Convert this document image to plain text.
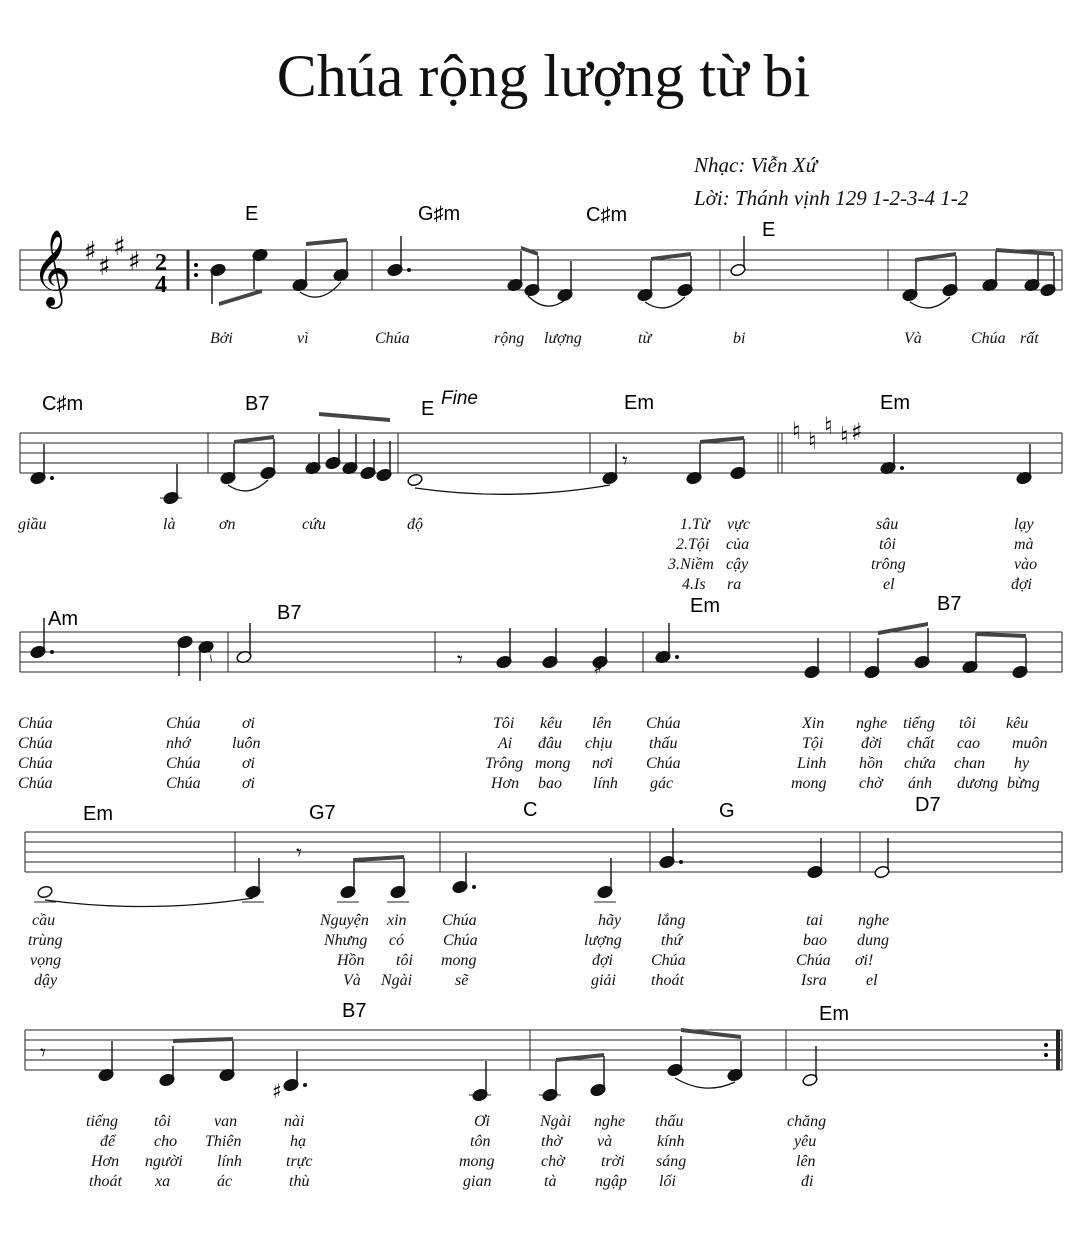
Chúa rộng lượng từ bi
Nhạc: Viễn Xứ
Lời: Thánh vịnh 129 1-2-3-4 1-2
𝄾
𝄾
𝄾
𝄾
♯
♯
𝄞 ♯ ♯
♯ ♯ 2
4
♮ ♮
♮ ♮ ♯
E	G♯m	C♯m
E
C♯m	B7	E	Em	Em
Am	B7	Em	B7
Em	G7	C	G	D7
B7	Em
Bởi	vì	Chúa	rộng lượng	từ	bi	Và	Chúa rất
giầu	là	ơn	cứu	độ	1.Từ vực	sâu	lạy
2.Tội của	tôi	mà
3.Niềm cậy	trông	vào
4.Is ra	el	đợi
Chúa	Chúa	ơi	Tôi kêu lên Chúa	Xin nghe tiếng tôi kêu
Chúa	nhớ	luôn	Ai đâu chịu thấu	Tội đời chất cao muôn
Chúa	Chúa	ơi	Trông mong nơi Chúa	Linh hồn chứa chan hy
Chúa	Chúa	ơi	Hơn bao lính gác	mong chờ ánh dương bừng
cầu	Nguyện xin Chúa	hãy lắng	tai nghe
trùng	Nhưng có Chúa	lượng thứ	bao dung
vọng	Hồn tôi mong	đợi Chúa	Chúa ơi!
dậy	Và Ngài	sẽ	giải thoát	Isra el
tiếng tôi	van	nài	Ơi	Ngài nghe thấu	chăng
để cho Thiên	hạ	tôn	thờ và	kính	yêu
Hơn người lính	trực	mong	chờ trời sáng	lên
thoát xa	ác	thù	gian	tà ngập lối	đi
Fine
